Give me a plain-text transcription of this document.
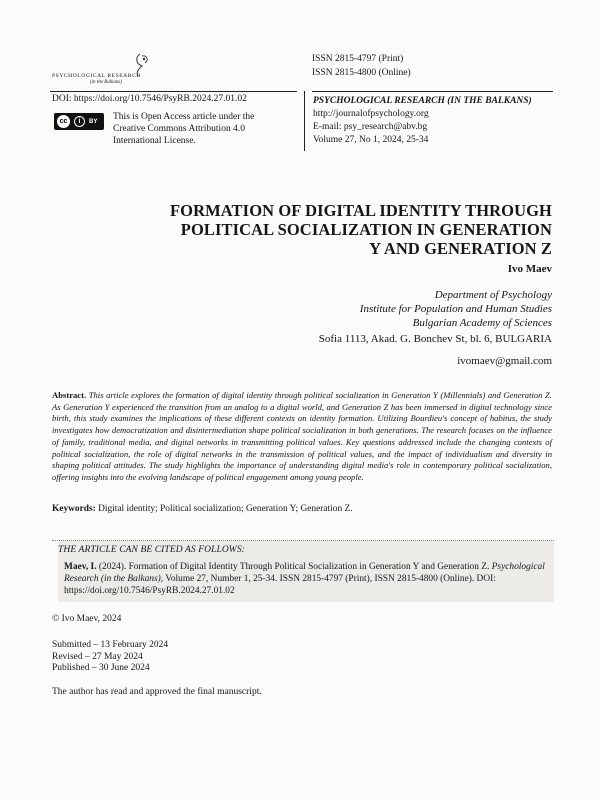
PSYCHOLOGICAL RESEARCH
(in the Balkans)
ISSN 2815-4797 (Print)
ISSN 2815-4800 (Online)
DOI: https://doi.org/10.7546/PsyRB.2024.27.01.02
cc	i	BY This is Open Access article under the
Creative Commons Attribution 4.0
International License.
PSYCHOLOGICAL RESEARCH (IN THE BALKANS)
http://journalofpsychology.org
E-mail: psy_research@abv.bg
Volume 27, No 1, 2024, 25-34
FORMATION OF DIGITAL IDENTITY THROUGH
POLITICAL SOCIALIZATION IN GENERATION
Y AND GENERATION Z
Ivo Maev
Department of Psychology
Institute for Population and Human Studies
Bulgarian Academy of Sciences
Sofia 1113, Akad. G. Bonchev St, bl. 6, BULGARIA
ivomaev@gmail.com
Abstract. This article explores the formation of digital identity through political socialization in Generation Y (Millennials) and Generation Z. As Generation Y experienced the transition from an analog to a digital world, and Generation Z has been immersed in digital technology since birth, this study examines the implications of these different contexts on identity formation. Utilizing Bourdieu's concept of habitus, the study investigates how democratization and disintermediation shape political socialization in both generations. The research focuses on the influence of family, traditional media, and digital networks in transmitting political values. Key questions addressed include the changing contexts of political socialization, the role of digital networks in the transmission of political values, and the impact of individualism and diversity in shaping political attitudes. The study highlights the importance of understanding digital media's role in contemporary political socialization, offering insights into the evolving landscape of political engagement among young people.
Keywords: Digital identity; Political socialization; Generation Y; Generation Z.
THE ARTICLE CAN BE CITED AS FOLLOWS:
Maev, I. (2024). Formation of Digital Identity Through Political Socialization in Generation Y and Generation Z. Psychological Research (in the Balkans), Volume 27, Number 1, 25-34. ISSN 2815-4797 (Print), ISSN 2815-4800 (Online). DOI: https://doi.org/10.7546/PsyRB.2024.27.01.02
© Ivo Maev, 2024
Submitted – 13 February 2024
Revised – 27 May 2024
Published – 30 June 2024
The author has read and approved the final manuscript.
